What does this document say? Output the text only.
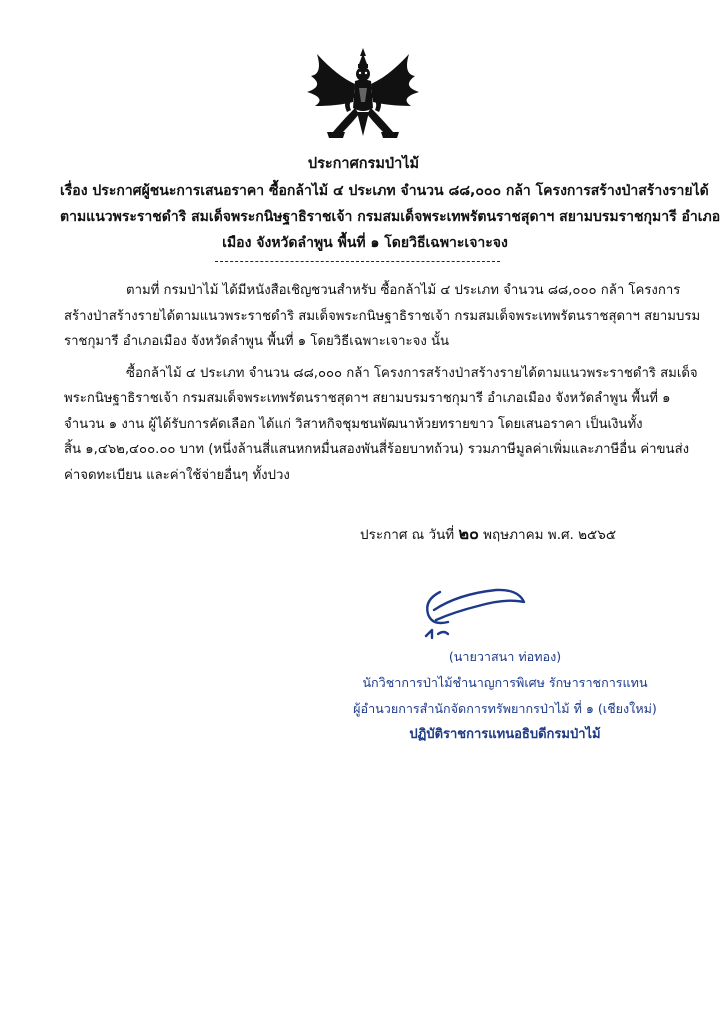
ประกาศกรมป่าไม้
เรื่อง ประกาศผู้ชนะการเสนอราคา ซื้อกล้าไม้ ๔ ประเภท จำนวน ๘๘,๐๐๐ กล้า โครงการสร้างป่าสร้างรายได้
ตามแนวพระราชดำริ สมเด็จพระกนิษฐาธิราชเจ้า กรมสมเด็จพระเทพรัตนราชสุดาฯ สยามบรมราชกุมารี อำเภอ
เมือง จังหวัดลำพูน พื้นที่ ๑ โดยวิธีเฉพาะเจาะจง
ตามที่ กรมป่าไม้ ได้มีหนังสือเชิญชวนสำหรับ ซื้อกล้าไม้ ๔ ประเภท จำนวน ๘๘,๐๐๐ กล้า โครงการ
สร้างป่าสร้างรายได้ตามแนวพระราชดำริ สมเด็จพระกนิษฐาธิราชเจ้า กรมสมเด็จพระเทพรัตนราชสุดาฯ สยามบรม
ราชกุมารี อำเภอเมือง จังหวัดลำพูน พื้นที่ ๑ โดยวิธีเฉพาะเจาะจง นั้น
ซื้อกล้าไม้ ๔ ประเภท จำนวน ๘๘,๐๐๐ กล้า โครงการสร้างป่าสร้างรายได้ตามแนวพระราชดำริ สมเด็จ
พระกนิษฐาธิราชเจ้า กรมสมเด็จพระเทพรัตนราชสุดาฯ สยามบรมราชกุมารี อำเภอเมือง จังหวัดลำพูน พื้นที่ ๑
จำนวน ๑ งาน ผู้ได้รับการคัดเลือก ได้แก่ วิสาหกิจชุมชนพัฒนาห้วยทรายขาว โดยเสนอราคา เป็นเงินทั้ง
สิ้น ๑,๔๖๒,๔๐๐.๐๐ บาท (หนึ่งล้านสี่แสนหกหมื่นสองพันสี่ร้อยบาทถ้วน) รวมภาษีมูลค่าเพิ่มและภาษีอื่น ค่าขนส่ง
ค่าจดทะเบียน และค่าใช้จ่ายอื่นๆ ทั้งปวง
ประกาศ ณ วันที่ ๒๐ พฤษภาคม พ.ศ. ๒๕๖๕
(นายวาสนา ท่อทอง)
นักวิชาการป่าไม้ชำนาญการพิเศษ รักษาราชการแทน
ผู้อำนวยการสำนักจัดการทรัพยากรป่าไม้ ที่ ๑ (เชียงใหม่)
ปฏิบัติราชการแทนอธิบดีกรมป่าไม้
